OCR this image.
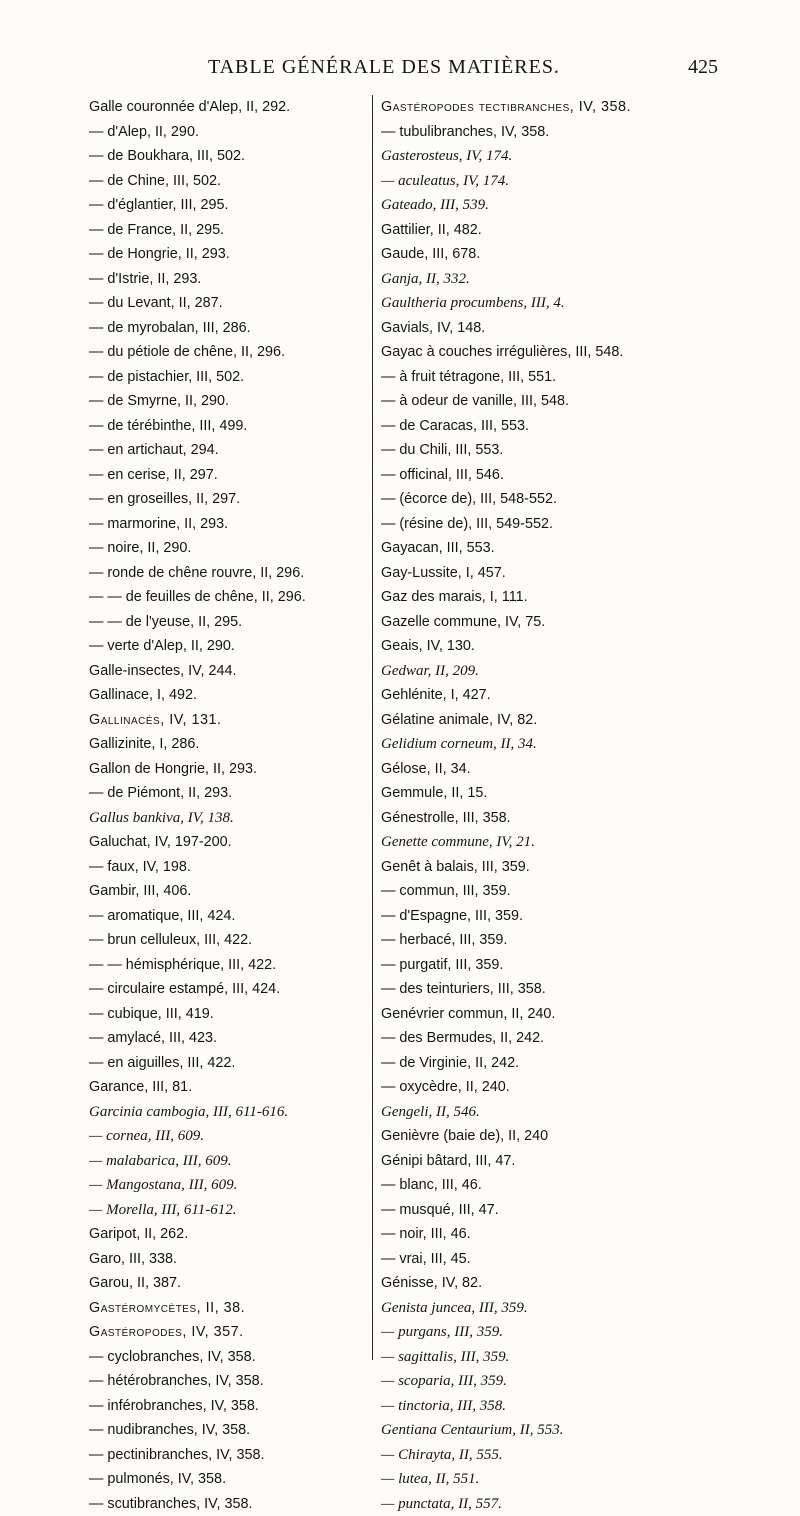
TABLE GÉNÉRALE DES MATIÈRES.	425
Galle couronnée d'Alep, II, 292.
— d'Alep, II, 290.
— de Boukhara, III, 502.
— de Chine, III, 502.
— d'églantier, III, 295.
— de France, II, 295.
— de Hongrie, II, 293.
— d'Istrie, II, 293.
— du Levant, II, 287.
— de myrobalan, III, 286.
— du pétiole de chêne, II, 296.
— de pistachier, III, 502.
— de Smyrne, II, 290.
— de térébinthe, III, 499.
— en artichaut, 294.
— en cerise, II, 297.
— en groseilles, II, 297.
— marmorine, II, 293.
— noire, II, 290.
— ronde de chêne rouvre, II, 296.
— — de feuilles de chêne, II, 296.
— — de l'yeuse, II, 295.
— verte d'Alep, II, 290.
Galle-insectes, IV, 244.
Gallinace, I, 492.
Gallinacés, IV, 131.
Gallizinite, I, 286.
Gallon de Hongrie, II, 293.
— de Piémont, II, 293.
Gallus bankiva, IV, 138.
Galuchat, IV, 197-200.
— faux, IV, 198.
Gambir, III, 406.
— aromatique, III, 424.
— brun celluleux, III, 422.
— — hémisphérique, III, 422.
— circulaire estampé, III, 424.
— cubique, III, 419.
— amylacé, III, 423.
— en aiguilles, III, 422.
Garance, III, 81.
Garcinia cambogia, III, 611-616.
— cornea, III, 609.
— malabarica, III, 609.
— Mangostana, III, 609.
— Morella, III, 611-612.
Garipot, II, 262.
Garo, III, 338.
Garou, II, 387.
Gastéromycètes, II, 38.
Gastéropodes, IV, 357.
— cyclobranches, IV, 358.
— hétérobranches, IV, 358.
— inférobranches, IV, 358.
— nudibranches, IV, 358.
— pectinibranches, IV, 358.
— pulmonés, IV, 358.
— scutibranches, IV, 358.
Gastéropodes tectibranches, IV, 358.
— tubulibranches, IV, 358.
Gasterosteus, IV, 174.
— aculeatus, IV, 174.
Gateado, III, 539.
Gattilier, II, 482.
Gaude, III, 678.
Ganja, II, 332.
Gaultheria procumbens, III, 4.
Gavials, IV, 148.
Gayac à couches irrégulières, III, 548.
— à fruit tétragone, III, 551.
— à odeur de vanille, III, 548.
— de Caracas, III, 553.
— du Chili, III, 553.
— officinal, III, 546.
— (écorce de), III, 548-552.
— (résine de), III, 549-552.
Gayacan, III, 553.
Gay-Lussite, I, 457.
Gaz des marais, I, 111.
Gazelle commune, IV, 75.
Geais, IV, 130.
Gedwar, II, 209.
Gehlénite, I, 427.
Gélatine animale, IV, 82.
Gelidium corneum, II, 34.
Gélose, II, 34.
Gemmule, II, 15.
Génestrolle, III, 358.
Genette commune, IV, 21.
Genêt à balais, III, 359.
— commun, III, 359.
— d'Espagne, III, 359.
— herbacé, III, 359.
— purgatif, III, 359.
— des teinturiers, III, 358.
Genévrier commun, II, 240.
— des Bermudes, II, 242.
— de Virginie, II, 242.
— oxycèdre, II, 240.
Gengeli, II, 546.
Genièvre (baie de), II, 240
Génipi bâtard, III, 47.
— blanc, III, 46.
— musqué, III, 47.
— noir, III, 46.
— vrai, III, 45.
Génisse, IV, 82.
Genista juncea, III, 359.
— purgans, III, 359.
— sagittalis, III, 359.
— scoparia, III, 359.
— tinctoria, III, 358.
Gentiana Centaurium, II, 553.
— Chirayta, II, 555.
— lutea, II, 551.
— punctata, II, 557.
